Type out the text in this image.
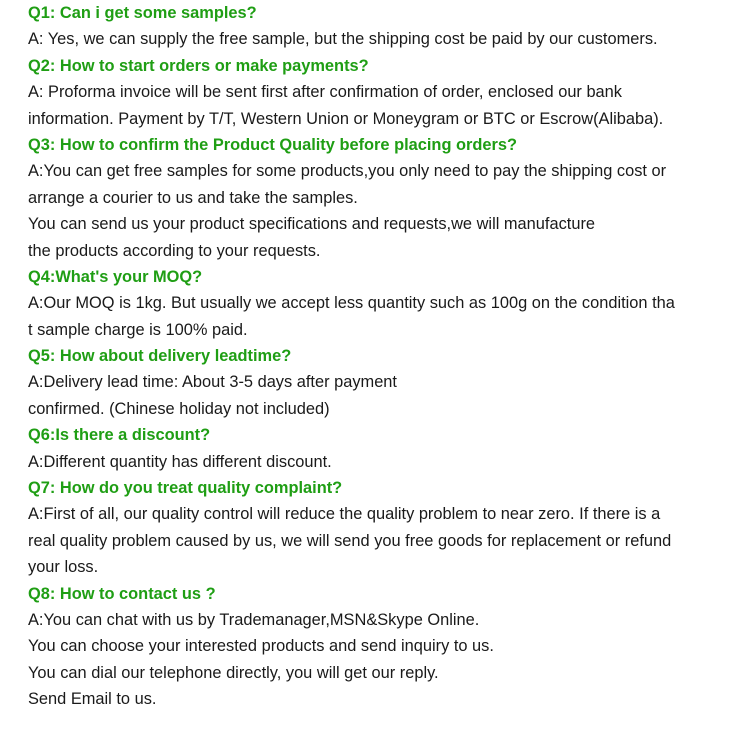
Q1: Can i get some samples?
A: Yes, we can supply the free sample, but the shipping cost be paid by our customers.
Q2: How to start orders or make payments?
A: Proforma invoice will be sent first after confirmation of order, enclosed our bank
information. Payment by T/T, Western Union or Moneygram or BTC or Escrow(Alibaba).
Q3: How to confirm the Product Quality before placing orders?
A:You can get free samples for some products,you only need to pay the shipping cost or
arrange a courier to us and take the samples.
You can send us your product specifications and requests,we will manufacture
the products according to your requests.
Q4:What's your MOQ?
A:Our MOQ is 1kg. But usually we accept less quantity such as 100g on the condition tha
t sample charge is 100% paid.
Q5: How about delivery leadtime?
A:Delivery lead time: About 3-5 days after payment
confirmed. (Chinese holiday not included)
Q6:Is there a discount?
A:Different quantity has different discount.
Q7: How do you treat quality complaint?
A:First of all, our quality control will reduce the quality problem to near zero. If there is a
real quality problem caused by us, we will send you free goods for replacement or refund
your loss.
Q8: How to contact us ?
A:You can chat with us by Trademanager,MSN&Skype Online.
You can choose your interested products and send inquiry to us.
You can dial our telephone directly, you will get our reply.
Send Email to us.
